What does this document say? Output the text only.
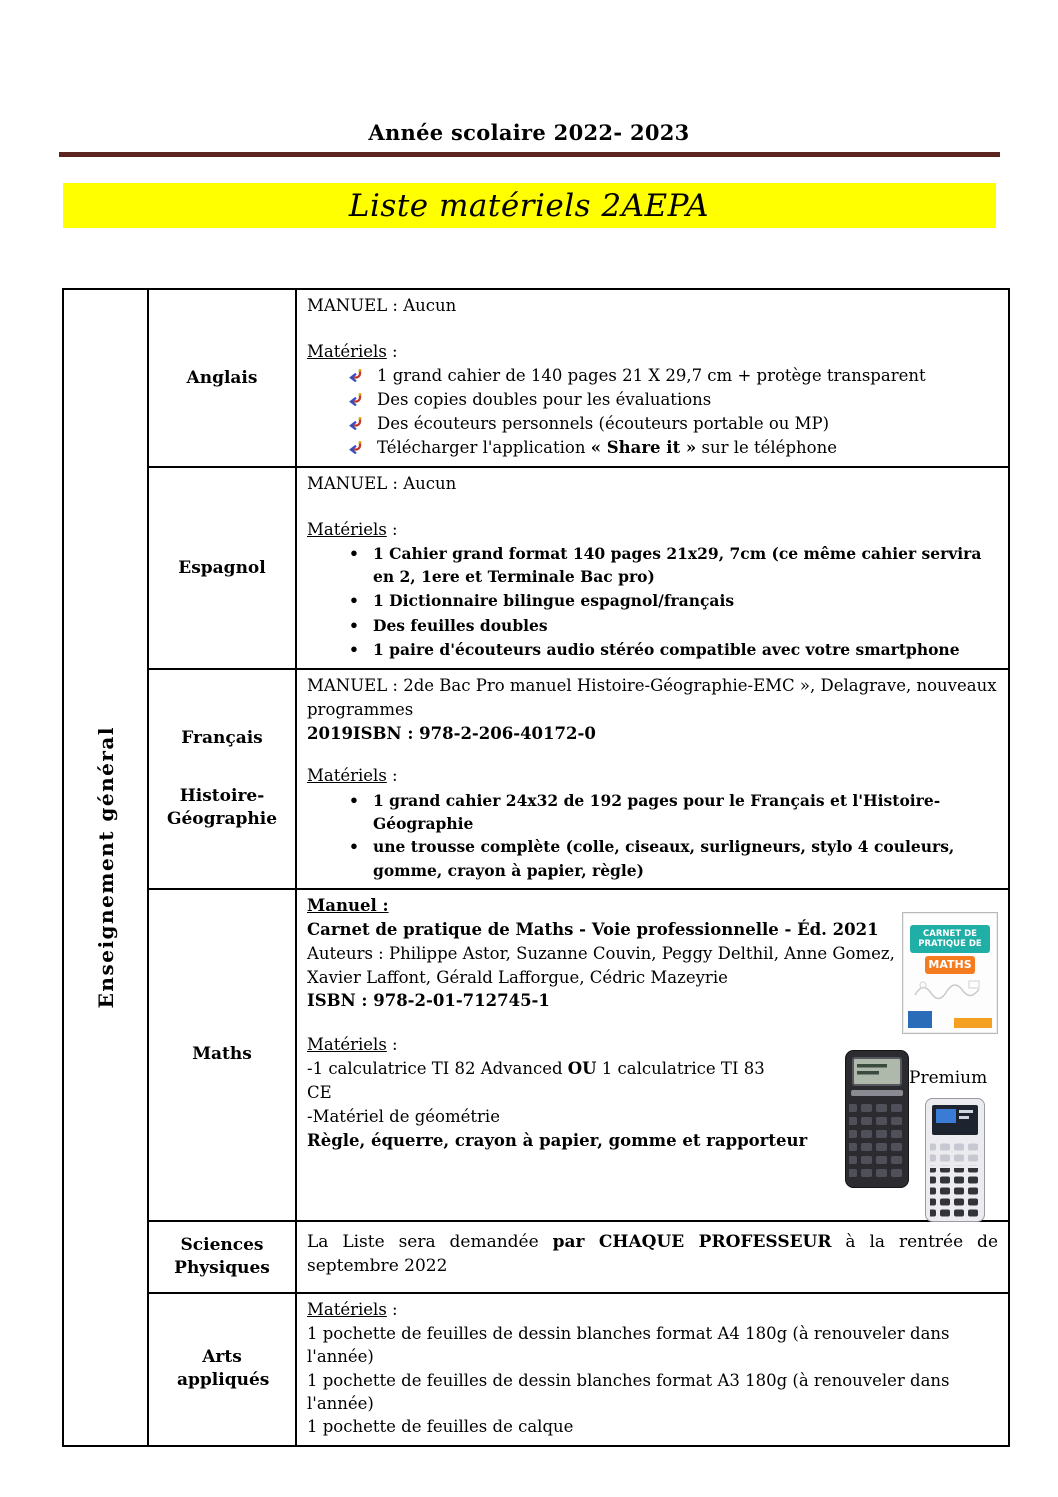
Année scolaire 2022- 2023
Liste matériels 2AEPA
Enseignement général
Anglais

MANUEL : Aucun

Matériels :

1 grand cahier de 140 pages 21 X 29,7 cm + protège transparent
Des copies doubles pour les évaluations
Des écouteurs personnels (écouteurs portable ou MP)
Télécharger l'application « Share it » sur le téléphone
Espagnol

MANUEL : Aucun

Matériels :

• 1 Cahier grand format 140 pages 21x29, 7cm (ce même cahier servira en 2, 1ere et Terminale Bac pro)
• 1 Dictionnaire bilingue espagnol/français
• Des feuilles doubles
• 1 paire d'écouteurs audio stéréo compatible avec votre smartphone
Français
Histoire-Géographie

MANUEL : 2de Bac Pro manuel Histoire-Géographie-EMC », Delagrave, nouveaux programmes

2019ISBN : 978-2-206-40172-0

Matériels :

• 1 grand cahier 24x32 de 192 pages pour le Français et l'Histoire-Géographie
• une trousse complète (colle, ciseaux, surligneurs, stylo 4 couleurs, gomme, crayon à papier, règle)
Maths

Manuel :

Carnet de pratique de Maths - Voie professionnelle - Éd. 2021

Auteurs : Philippe Astor, Suzanne Couvin, Peggy Delthil, Anne Gomez, Xavier Laffont, Gérald Lafforgue, Cédric Mazeyrie

ISBN : 978-2-01-712745-1

Matériels :

-1 calculatrice TI 82 Advanced OU 1 calculatrice TI 83

CE

-Matériel de géométrie

Règle, équerre, crayon à papier, gomme et rapporteur

Premium
CARNET DE
PRATIQUE DE
MATHS
Sciences Physiques

La Liste sera demandée par CHAQUE PROFESSEUR à la rentrée de septembre 2022

Arts appliqués

Matériels :

1 pochette de feuilles de dessin blanches format A4 180g (à renouveler dans l'année)

1 pochette de feuilles de dessin blanches format A3 180g (à renouveler dans l'année)

1 pochette de feuilles de calque
